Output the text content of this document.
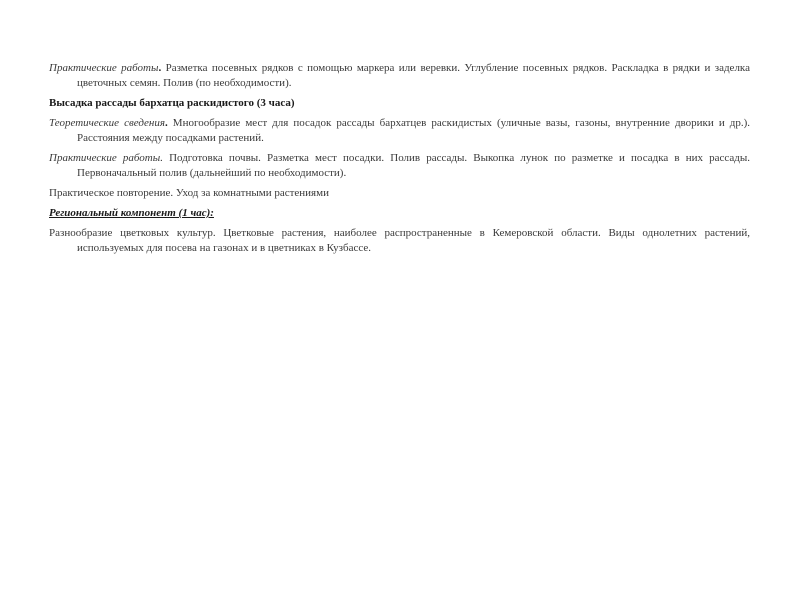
Практические работы. Разметка посевных рядков с помощью маркера или веревки. Углубление посевных рядков. Раскладка в рядки и заделка цветочных семян. Полив (по необходимости).

Высадка рассады бархатца раскидистого (3 часа)

Теоретические сведения. Многообразие мест для посадок рассады бархатцев раскидистых (уличные вазы, газоны, внутренние дворики и др.). Расстояния между посадками растений.

Практические работы. Подготовка почвы. Разметка мест посадки. Полив рассады. Выкопка лунок по разметке и посадка в них рассады. Первоначальный полив (дальнейший по необходимости).

Практическое повторение. Уход за комнатными растениями

Региональный компонент (1 час):

Разнообразие цветковых культур. Цветковые растения, наиболее распространенные в Кемеровской области. Виды однолетних растений, используемых для посева на газонах и в цветниках в Кузбассе.
